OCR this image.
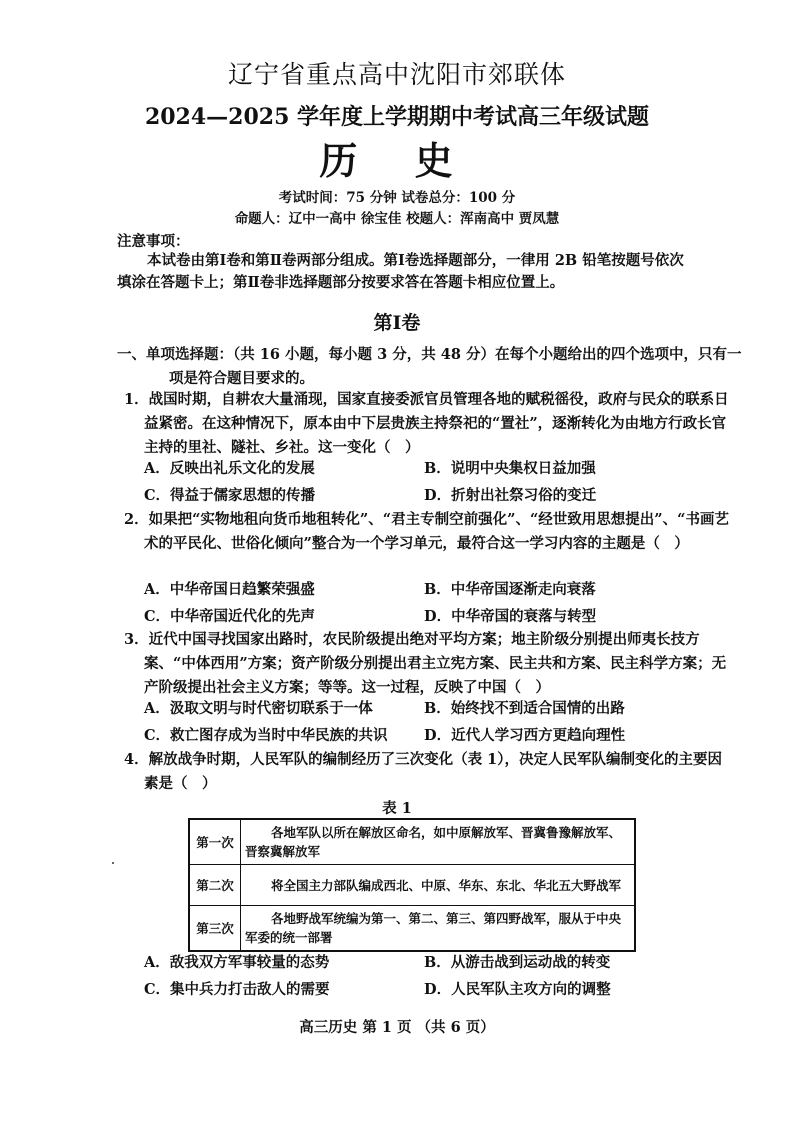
辽宁省重点高中沈阳市郊联体
2024—2025 学年度上学期期中考试高三年级试题
历 史
考试时间：75 分钟 试卷总分：100 分
命题人：辽中一高中 徐宝佳 校题人：浑南高中 贾凤慧
注意事项：
本试卷由第Ⅰ卷和第Ⅱ卷两部分组成。第Ⅰ卷选择题部分，一律用 2B 铅笔按题号依次填涂在答题卡上；第Ⅱ卷非选择题部分按要求答在答题卡相应位置上。
第Ⅰ卷
一、单项选择题：（共 16 小题，每小题 3 分，共 48 分）在每个小题给出的四个选项中，只有一项是符合题目要求的。
1．战国时期，自耕农大量涌现，国家直接委派官员管理各地的赋税徭役，政府与民众的联系日益紧密。在这种情况下，原本由中下层贵族主持祭祀的“置社”，逐渐转化为由地方行政长官主持的里社、隧社、乡社。这一变化（　）
A．反映出礼乐文化的发展	B．说明中央集权日益加强
C．得益于儒家思想的传播	D．折射出社祭习俗的变迁
2．如果把“实物地租向货币地租转化”、“君主专制空前强化”、“经世致用思想提出”、“书画艺术的平民化、世俗化倾向”整合为一个学习单元，最符合这一学习内容的主题是（　）
A．中华帝国日趋繁荣强盛	B．中华帝国逐渐走向衰落
C．中华帝国近代化的先声	D．中华帝国的衰落与转型
3．近代中国寻找国家出路时，农民阶级提出绝对平均方案；地主阶级分别提出师夷长技方案、“中体西用”方案；资产阶级分别提出君主立宪方案、民主共和方案、民主科学方案；无产阶级提出社会主义方案；等等。这一过程，反映了中国（　）
A．汲取文明与时代密切联系于一体	B．始终找不到适合国情的出路
C．救亡图存成为当时中华民族的共识	D．近代人学习西方更趋向理性
4．解放战争时期，人民军队的编制经历了三次变化（表 1），决定人民军队编制变化的主要因素是（　）
表 1
第一次	各地军队以所在解放区命名，如中原解放军、晋冀鲁豫解放军、晋察冀解放军
第二次	将全国主力部队编成西北、中原、华东、东北、华北五大野战军
第三次	各地野战军统编为第一、第二、第三、第四野战军，服从于中央军委的统一部署
A．敌我双方军事较量的态势	B．从游击战到运动战的转变
C．集中兵力打击敌人的需要	D．人民军队主攻方向的调整
高三历史 第 1 页 （共 6 页）
